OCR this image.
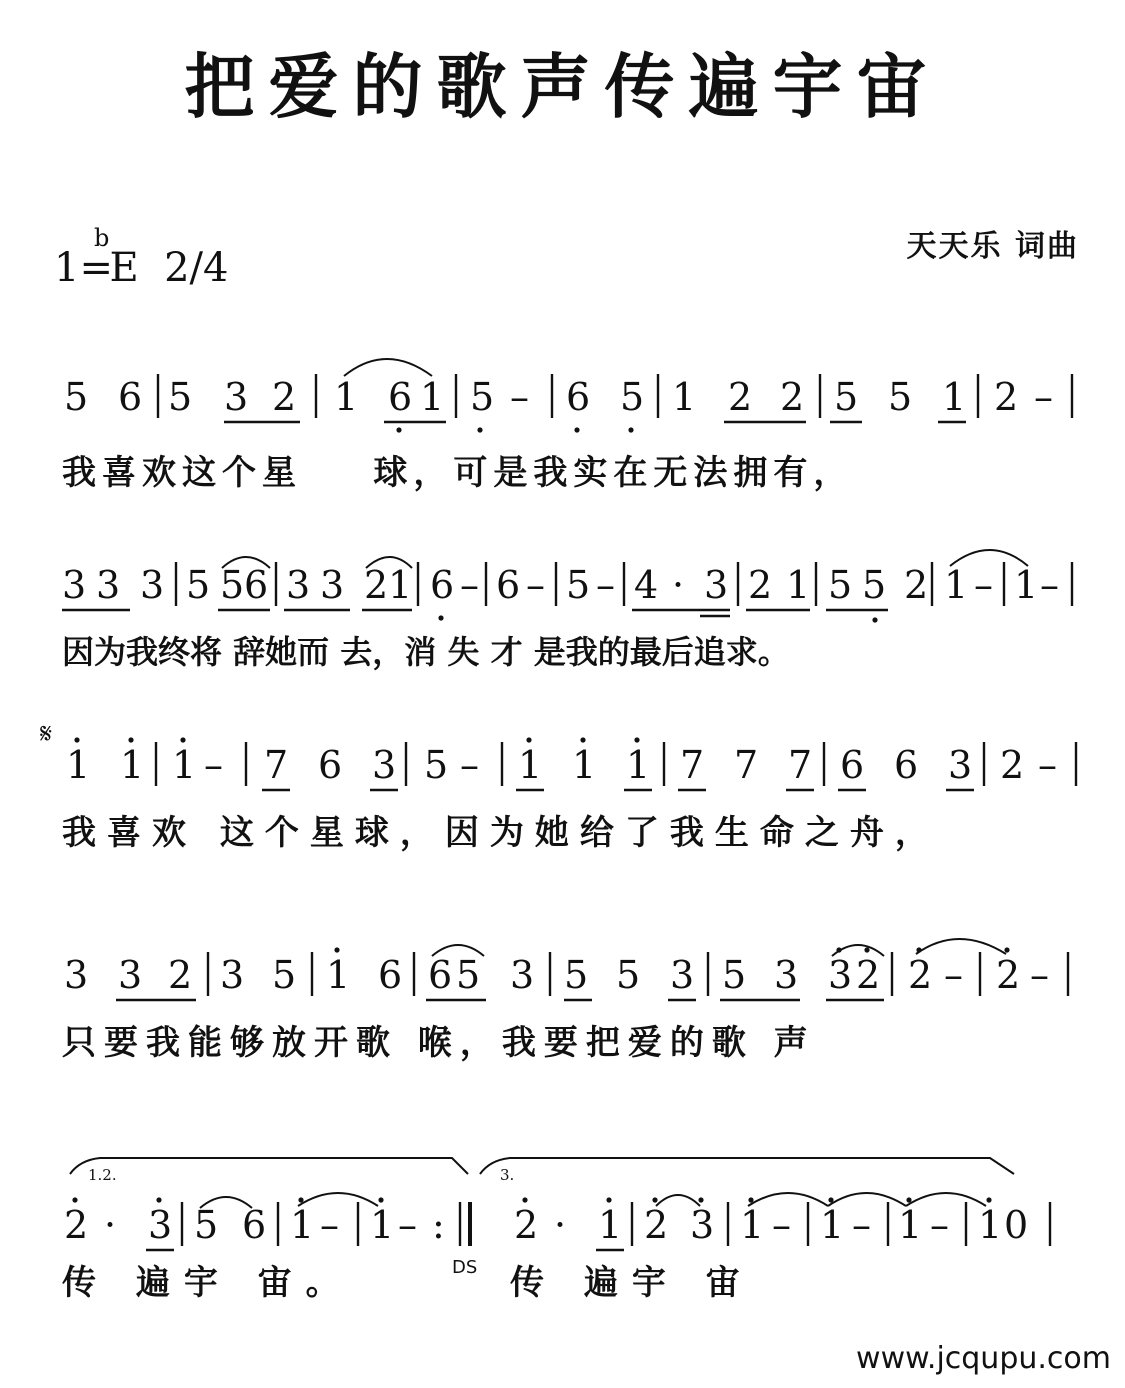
把爱的歌声传遍宇宙
1=
b
E 2/4	天天乐 词曲
5 6 5 3 2 1 6 1 5 – 6 5 1 2 2 5 5 1 2 –
我喜欢这个星    球，可是我实在无法拥有，
3 3 3 5 5 6 3 3 2 1 6 – 6 – 5 – 4 · 3 2 1 5 5 2 1 – 1 –
因为我终将 辞她而 去，消 失 才 是我的最后追求。
𝄋
1 1 1 – 7 6 3 5 – 1 1 1 7 7 7 6 6 3 2 –
我喜欢 这个星球，因为她给了我生命之舟，
3 3 2 3 5 1 6 6 5 3 5 5 3 5 3 3 2 2 – 2 –
只要我能够放开歌 喉，我要把爱的歌 声
1.2.	3.
2 · 3 5 6 1 – 1 – : 2 · 1 2 3 1 – 1 – 1 – 1 0
传 遍宇 宙。	传 遍宇 宙
DS
www.jcqupu.com
